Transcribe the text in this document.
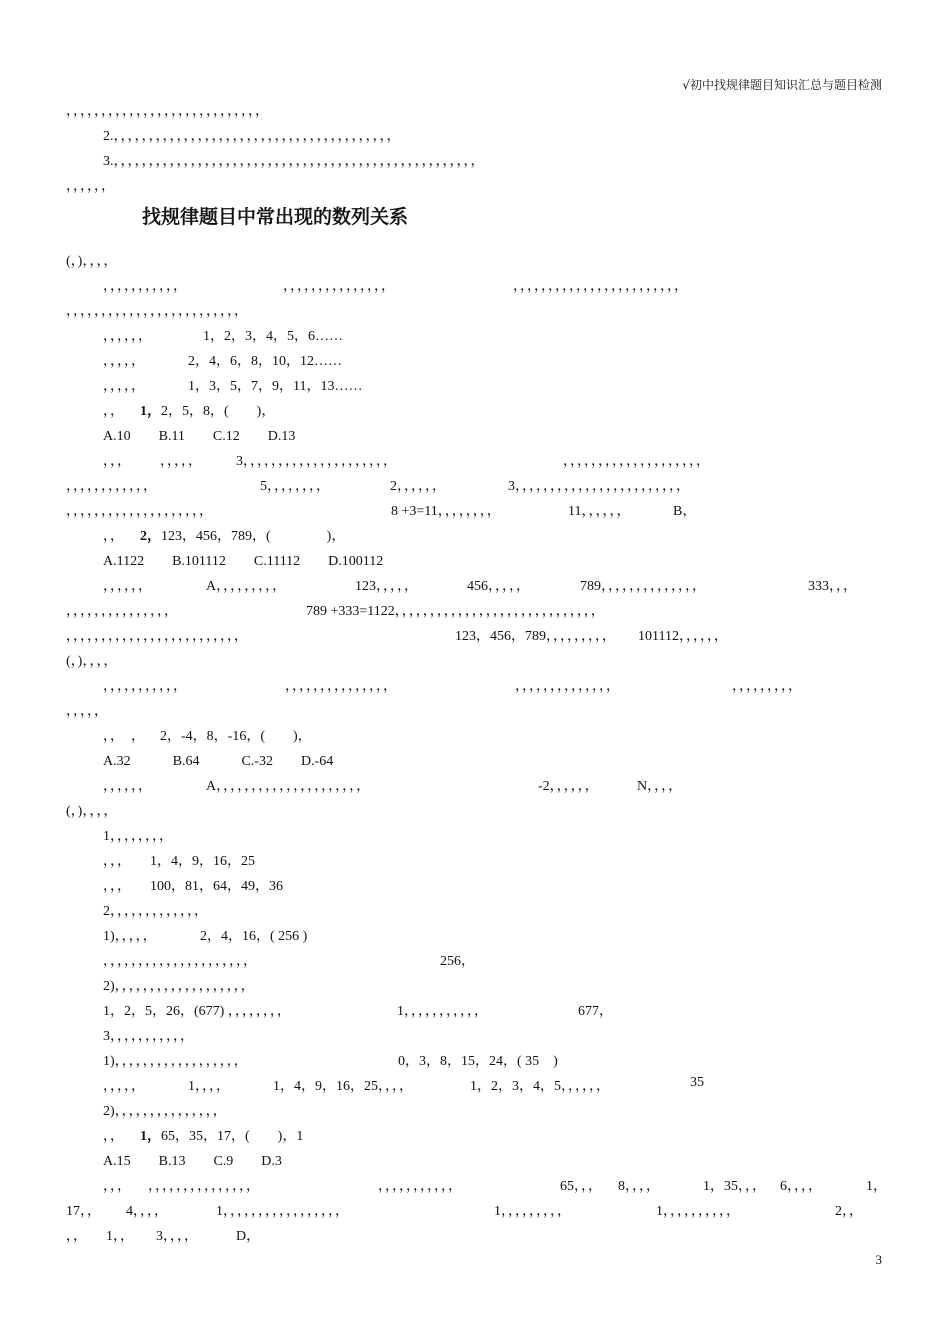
√初中找规律题目知识汇总与题目检测
，，，，，，，，，，，，，，，，，，，，，，，，，，，，
2.，，，，，，，，，，，，，，，，，，，，，，，，，，，，，，，，，，，，，，，，
3.，，，，，，，，，，，，，，，，，，，，，，，，，，，，，，，，，，，，，，，，，，，，，，，，，，，，
，，，，，，
(，)，，，，
，，，，，，，，，，，	，，，，，，，，，，，，，，，	，，，，，，，，，，，，，，，，，，，，，，，，
，，，，，，，，，，，，，，，，，，，，，，，，，
，，，，，，	1，2，3，4，5，6……
，，，，，	2，4，6，8，10，12……
，，，，，	1，3，5，7，9，11，13……
，， 1，2，5，8，(　　)，
A.10　　B.11　　C.12　　D.13
，，， ，，，，， 3，，，，，，，，，，，，，，，，，，，，，	，，，，，，，，，，，，，，，，，，，，
，，，，，，，，，，，，	5，，，，，，，，	2，，，，，，	3，，，，，，，，，，，，，，，，，，，，，，，，
，，，，，，，，，，，，，，，，，，，，	8 +3=11，，，，，，，，	11，，，，，，	B，
，， 2，123，456，789，(　　　　)，
A.1122　　B.101112　　C.11112　　D.100112
，，，，，，	A，，，，，，，，，	123，，，，，	456，，，，，	789，，，，，，，，，，，，，，	333，，，
，，，，，，，，，，，，，，，	789 +333=1122，，，，，，，，，，，，，，，，，，，，，，，，，，，，，
，，，，，，，，，，，，，，，，，，，，，，，，，	123，456，789，，，，，，，，， 101112，，，，，，
(，)，，，，
，，，，，，，，，，，	，，，，，，，，，，，，，，，	，，，，，，，，，，，，，，	，，，，，，，，，
，，，，，
，，　， 2，-4，8，-16，(　　)，
A.32　　　B.64　　　C.-32　　D.-64
，，，，，，	A，，，，，，，，，，，，，，，，，，，，，	-2，，，，，，	N，，，，
(，)，，，，
1，，，，，，，，
，，， 1，4，9，16，25
，，， 100，81，64，49，36
2，，，，，，，，，，，，，
1)，，，，，	2，4，16，( 256 )
，，，，，，，，，，，，，，，，，，，，，	256，
2)，，，，，，，，，，，，，，，，，，，
1，2，5，26，(677) ，，，，，，，，	1，，，，，，，，，，，	677，
3，，，，，，，，，，，
1)，，，，，，，，，，，，，，，，，，	0，3，8，15，24，( 35　)
，，，，，	1，，，，	1，4，9，16，25，，，，	1，2，3，4，5，，，，，，	35
2)，，，，，，，，，，，，，，，
，， 1，65，35，17，(　　)，1
A.15　　B.13　　C.9　　D.3
，，， ，，，，，，，，，，，，，，，	，，，，，，，，，，，	65，，， 8，，，，	1，35，，， 6，，，，	1，
17，， 4，，，，	1，，，，，，，，，，，，，，，，，	1，，，，，，，，，	1，，，，，，，，，，	2，，
，， 1，， 3，，，，	D，
找规律题目中常出现的数列关系
3
